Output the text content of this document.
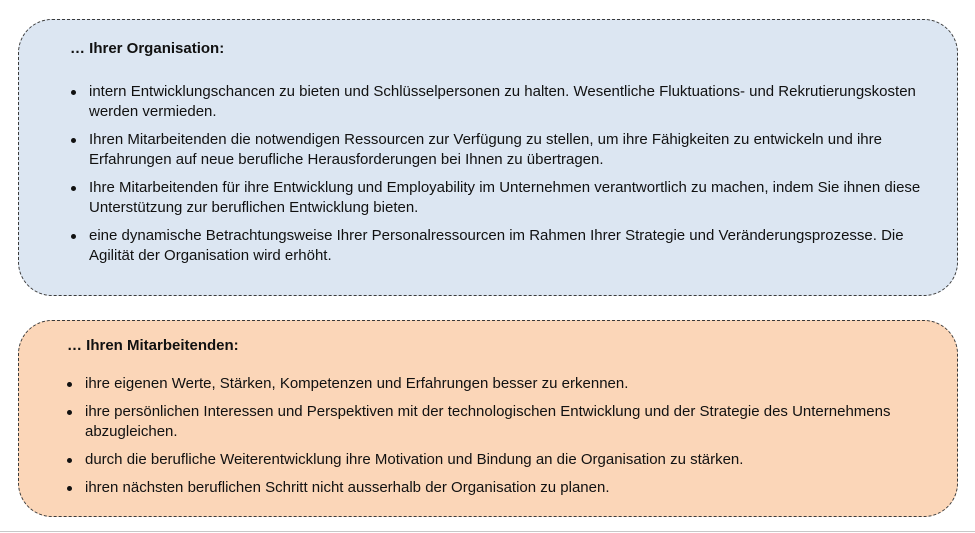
… Ihrer Organisation:
intern Entwicklungschancen zu bieten und Schlüsselpersonen zu halten. Wesentliche Fluktuations- und Rekrutierungskosten werden vermieden.
Ihren Mitarbeitenden die notwendigen Ressourcen zur Verfügung zu stellen, um ihre Fähigkeiten zu entwickeln und ihre Erfahrungen auf neue berufliche Herausforderungen bei Ihnen zu übertragen.
Ihre Mitarbeitenden für ihre Entwicklung und Employability im Unternehmen verantwortlich zu machen, indem Sie ihnen diese Unterstützung zur beruflichen Entwicklung bieten.
eine dynamische Betrachtungsweise Ihrer Personalressourcen im Rahmen Ihrer Strategie und Veränderungsprozesse. Die Agilität der Organisation wird erhöht.
… Ihren Mitarbeitenden:
ihre eigenen Werte, Stärken, Kompetenzen und Erfahrungen besser zu erkennen.
ihre persönlichen Interessen und Perspektiven mit der technologischen Entwicklung und der Strategie des Unternehmens abzugleichen.
durch die berufliche Weiterentwicklung ihre Motivation und Bindung an die Organisation zu stärken.
ihren nächsten beruflichen Schritt nicht ausserhalb der Organisation zu planen.
